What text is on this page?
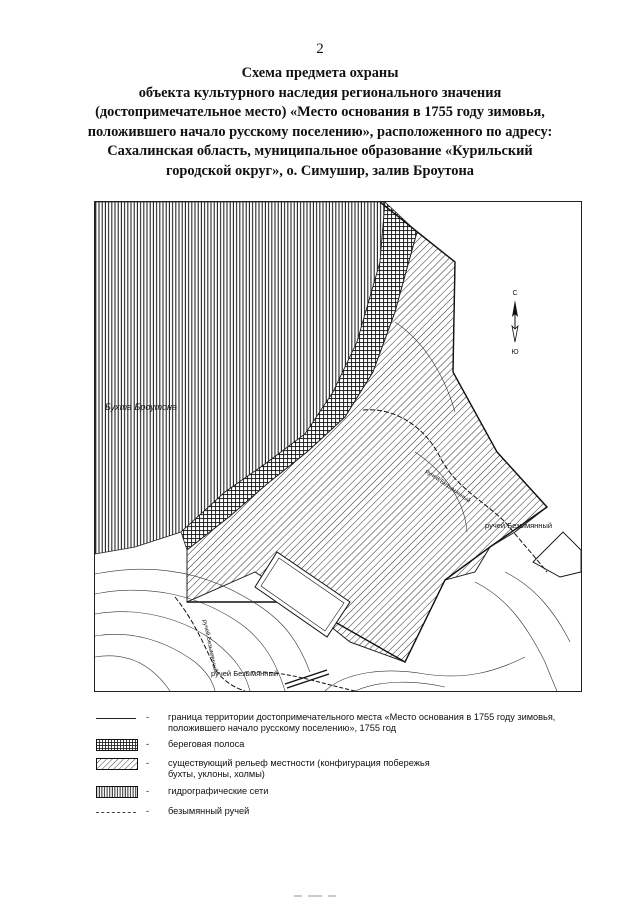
2
Схема предмета охраны
объекта культурного наследия регионального значения
(достопримечательное место) «Место основания в 1755 году зимовья,
положившего начало русскому поселению», расположенного по адресу:
Сахалинская область, муниципальное образование «Курильский
городской округ», о. Симушир, залив Броутона
Бухта Броутона
ручей Безымянный
ручей Безымянный
ручей Безымянный
ручей Безымянный
С
Ю
- граница территории достопримечательного места «Место основания в 1755 году зимовья,
положившего начало русскому поселению», 1755 год
- береговая полоса
- существующий рельеф местности (конфигурация побережья
бухты, уклоны, холмы)
- гидрографические сети
- безымянный ручей
